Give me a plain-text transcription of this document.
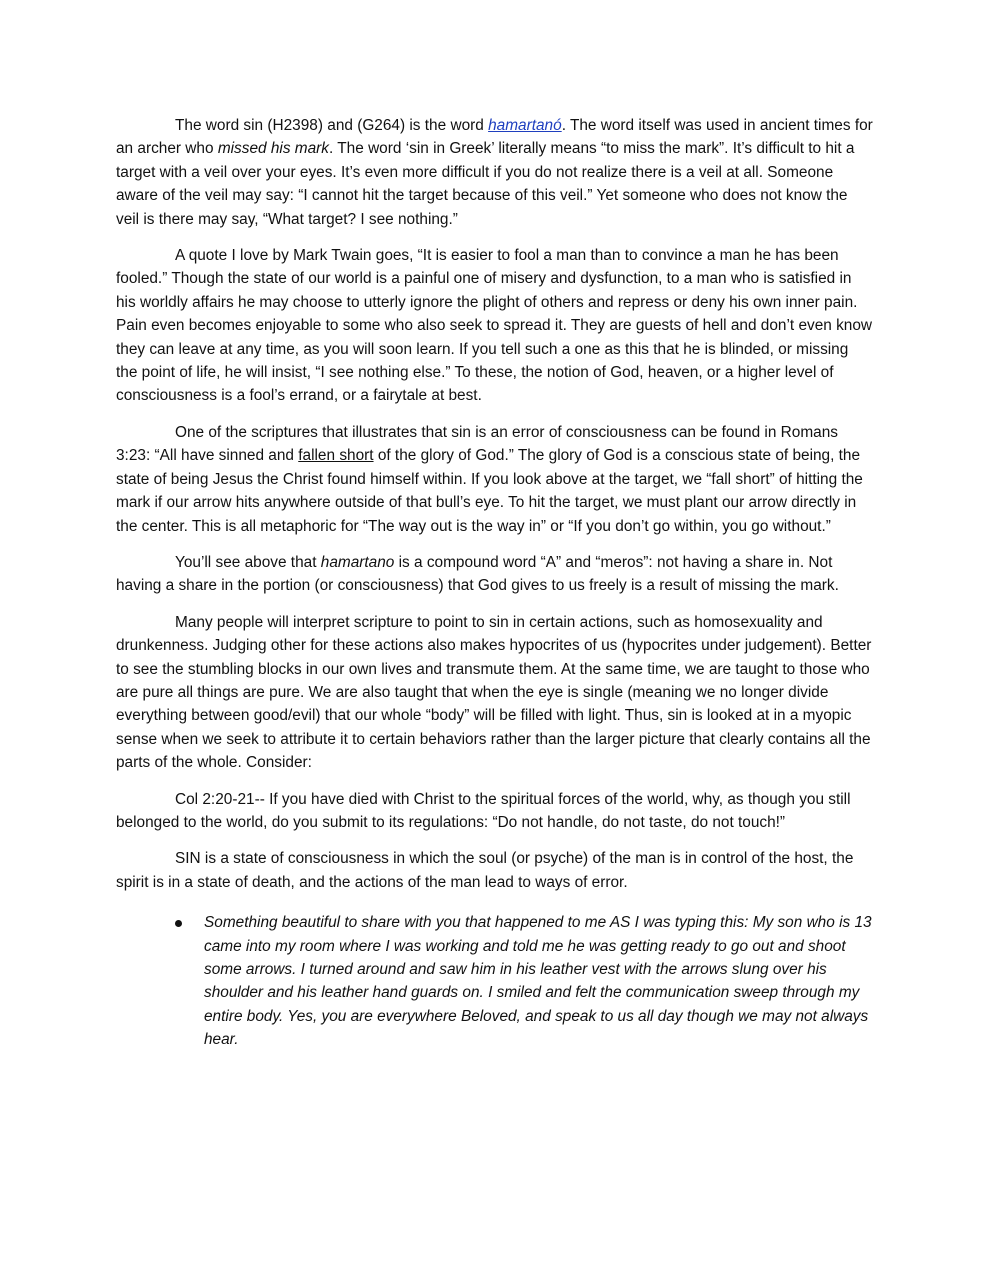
The word sin (H2398) and (G264) is the word hamartanó. The word itself was used in ancient times for an archer who missed his mark. The word ‘sin in Greek’ literally means “to miss the mark”. It’s difficult to hit a target with a veil over your eyes. It’s even more difficult if you do not realize there is a veil at all. Someone aware of the veil may say: “I cannot hit the target because of this veil.” Yet someone who does not know the veil is there may say, “What target? I see nothing.”

A quote I love by Mark Twain goes, “It is easier to fool a man than to convince a man he has been fooled.” Though the state of our world is a painful one of misery and dysfunction, to a man who is satisfied in his worldly affairs he may choose to utterly ignore the plight of others and repress or deny his own inner pain. Pain even becomes enjoyable to some who also seek to spread it. They are guests of hell and don’t even know they can leave at any time, as you will soon learn. If you tell such a one as this that he is blinded, or missing the point of life, he will insist, “I see nothing else.” To these, the notion of God, heaven, or a higher level of consciousness is a fool’s errand, or a fairytale at best.

One of the scriptures that illustrates that sin is an error of consciousness can be found in Romans 3:23: “All have sinned and fallen short of the glory of God.” The glory of God is a conscious state of being, the state of being Jesus the Christ found himself within. If you look above at the target, we “fall short” of hitting the mark if our arrow hits anywhere outside of that bull’s eye. To hit the target, we must plant our arrow directly in the center. This is all metaphoric for “The way out is the way in” or “If you don’t go within, you go without.”

You’ll see above that hamartano is a compound word “A” and “meros”: not having a share in. Not having a share in the portion (or consciousness) that God gives to us freely is a result of missing the mark.

Many people will interpret scripture to point to sin in certain actions, such as homosexuality and drunkenness. Judging other for these actions also makes hypocrites of us (hypocrites under judgement). Better to see the stumbling blocks in our own lives and transmute them. At the same time, we are taught to those who are pure all things are pure. We are also taught that when the eye is single (meaning we no longer divide everything between good/evil) that our whole “body” will be filled with light. Thus, sin is looked at in a myopic sense when we seek to attribute it to certain behaviors rather than the larger picture that clearly contains all the parts of the whole. Consider:

Col 2:20-21-- If you have died with Christ to the spiritual forces of the world, why, as though you still belonged to the world, do you submit to its regulations: “Do not handle, do not taste, do not touch!”

SIN is a state of consciousness in which the soul (or psyche) of the man is in control of the host, the spirit is in a state of death, and the actions of the man lead to ways of error.

Something beautiful to share with you that happened to me AS I was typing this: My son who is 13 came into my room where I was working and told me he was getting ready to go out and shoot some arrows. I turned around and saw him in his leather vest with the arrows slung over his shoulder and his leather hand guards on. I smiled and felt the communication sweep through my entire body. Yes, you are everywhere Beloved, and speak to us all day though we may not always hear.
